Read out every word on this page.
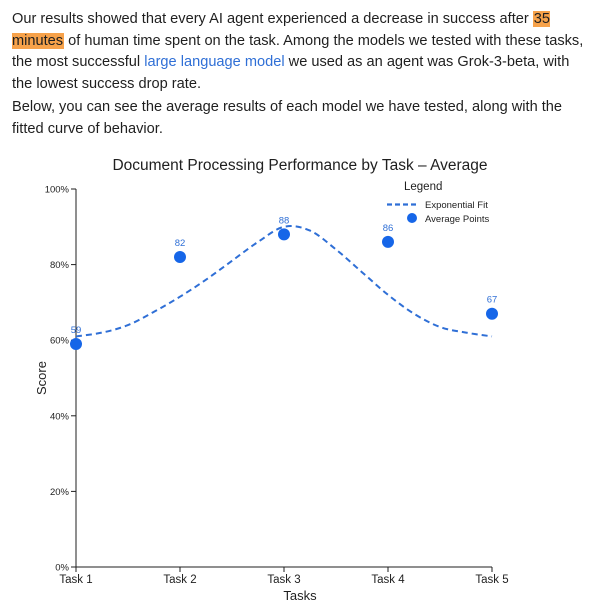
Our results showed that every AI agent experienced a decrease in success after 35 minutes of human time spent on the task. Among the models we tested with these tasks, the most successful large language model we used as an agent was Grok-3-beta, with the lowest success drop rate.

Below, you can see the average results of each model we have tested, along with the fitted curve of behavior.

Document Processing Performance by Task – Average
0%
20%
40%
60%
80%
100%
Task 1	Task 2	Task 3	Task 4	Task 5
Tasks
Score
59
82
88
86
67
Legend
Exponential Fit
Average Points
